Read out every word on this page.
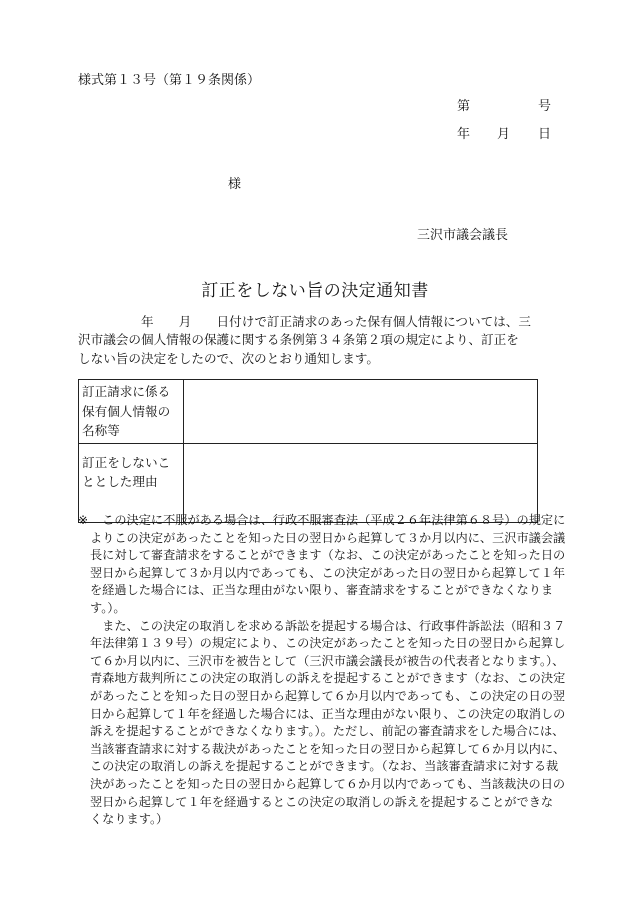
様式第１３号（第１９条関係）
第	号
年 月 日
様
三沢市議会議長
訂正をしない旨の決定通知書
　　　　　年　　月　　日付けで訂正請求のあった保有個人情報については、三
沢市議会の個人情報の保護に関する条例第３４条第２項の規定により、訂正を
しない旨の決定をしたので、次のとおり通知します。
訂正請求に係る
保有個人情報の
名称等	

訂正をしないこ
ととした理由	

※ 　この決定に不服がある場合は、行政不服審査法（平成２６年法律第６８号）の規定に
よりこの決定があったことを知った日の翌日から起算して３か月以内に、三沢市議会議
長に対して審査請求をすることができます（なお、この決定があったことを知った日の
翌日から起算して３か月以内であっても、この決定があった日の翌日から起算して１年
を経過した場合には、正当な理由がない限り、審査請求をすることができなくなりま
す。）。
　また、この決定の取消しを求める訴訟を提起する場合は、行政事件訴訟法（昭和３７
年法律第１３９号）の規定により、この決定があったことを知った日の翌日から起算し
て６か月以内に、三沢市を被告として（三沢市議会議長が被告の代表者となります。）、
青森地方裁判所にこの決定の取消しの訴えを提起することができます（なお、この決定
があったことを知った日の翌日から起算して６か月以内であっても、この決定の日の翌
日から起算して１年を経過した場合には、正当な理由がない限り、この決定の取消しの
訴えを提起することができなくなります。）。ただし、前記の審査請求をした場合には、
当該審査請求に対する裁決があったことを知った日の翌日から起算して６か月以内に、
この決定の取消しの訴えを提起することができます。（なお、当該審査請求に対する裁
決があったことを知った日の翌日から起算して６か月以内であっても、当該裁決の日の
翌日から起算して１年を経過するとこの決定の取消しの訴えを提起することができな
くなります。）
